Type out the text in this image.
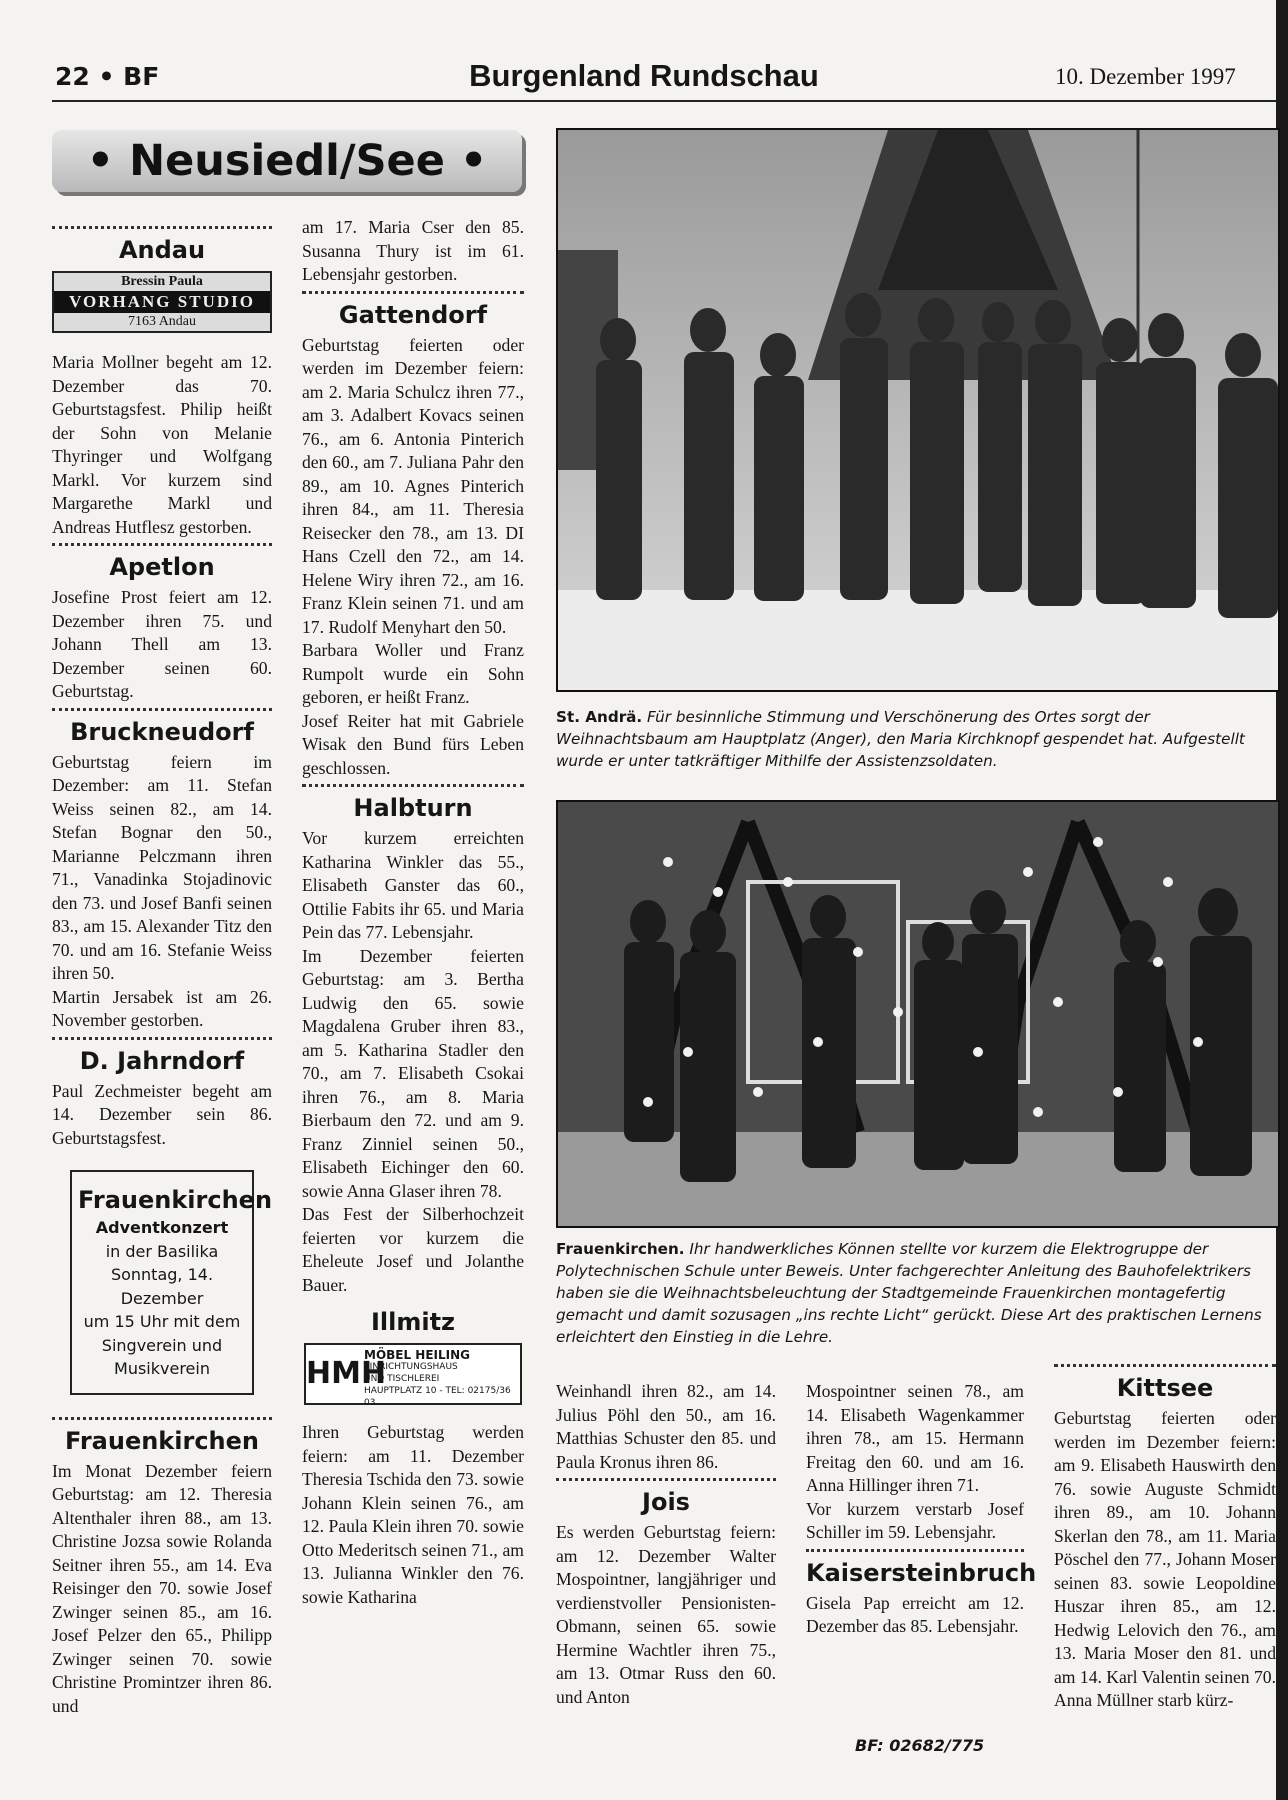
22 • BF	Burgenland Rundschau	10. Dezember 1997
• Neusiedl/See •
Andau
Bressin Paula
VORHANG STUDIO
7163 Andau

Maria Mollner begeht am 12. Dezember das 70. Geburtstagsfest. Philip heißt der Sohn von Melanie Thyringer und Wolfgang Markl. Vor kurzem sind Margarethe Markl und Andreas Hutflesz gestorben.

Apetlon

Josefine Prost feiert am 12. Dezember ihren 75. und Johann Thell am 13. Dezember seinen 60. Geburtstag.

Bruckneudorf

Geburtstag feiern im Dezember: am 11. Stefan Weiss seinen 82., am 14. Stefan Bognar den 50., Marianne Pelczmann ihren 71., Vanadinka Stojadinovic den 73. und Josef Banfi seinen 83., am 15. Alexander Titz den 70. und am 16. Stefanie Weiss ihren 50.

Martin Jersabek ist am 26. November gestorben.

D. Jahrndorf

Paul Zechmeister begeht am 14. Dezember sein 86. Geburtstagsfest.

Frauenkirchen
Adventkonzert
in der Basilika
Sonntag, 14. Dezember
um 15 Uhr mit dem
Singverein und
Musikverein
Frauenkirchen

Im Monat Dezember feiern Geburtstag: am 12. Theresia Altenthaler ihren 88., am 13. Christine Jozsa sowie Rolanda Seitner ihren 55., am 14. Eva Reisinger den 70. sowie Josef Zwinger seinen 85., am 16. Josef Pelzer den 65., Philipp Zwinger seinen 70. sowie Christine Promintzer ihren 86. und

am 17. Maria Cser den 85. Susanna Thury ist im 61. Lebensjahr gestorben.

Gattendorf

Geburtstag feierten oder werden im Dezember feiern: am 2. Maria Schulcz ihren 77., am 3. Adalbert Kovacs seinen 76., am 6. Antonia Pinterich den 60., am 7. Juliana Pahr den 89., am 10. Agnes Pinterich ihren 84., am 11. Theresia Reisecker den 78., am 13. DI Hans Czell den 72., am 14. Helene Wiry ihren 72., am 16. Franz Klein seinen 71. und am 17. Rudolf Menyhart den 50.

Barbara Woller und Franz Rumpolt wurde ein Sohn geboren, er heißt Franz.

Josef Reiter hat mit Gabriele Wisak den Bund fürs Leben geschlossen.

Halbturn

Vor kurzem erreichten Katharina Winkler das 55., Elisabeth Ganster das 60., Ottilie Fabits ihr 65. und Maria Pein das 77. Lebensjahr.

Im Dezember feierten Geburtstag: am 3. Bertha Ludwig den 65. sowie Magdalena Gruber ihren 83., am 5. Katharina Stadler den 70., am 7. Elisabeth Csokai ihren 76., am 8. Maria Bierbaum den 72. und am 9. Franz Zinniel seinen 50., Elisabeth Eichinger den 60. sowie Anna Glaser ihren 78.

Das Fest der Silberhochzeit feierten vor kurzem die Eheleute Josef und Jolanthe Bauer.

Illmitz
HMH
MÖBEL HEILING
EINRICHTUNGSHAUS
UND TISCHLEREI
HAUPTPLATZ 10 - TEL: 02175/36 03

Ihren Geburtstag werden feiern: am 11. Dezember Theresia Tschida den 73. sowie Johann Klein seinen 76., am 12. Paula Klein ihren 70. sowie Otto Mederitsch seinen 71., am 13. Julianna Winkler den 76. sowie Katharina

St. Andrä. Für besinnliche Stimmung und Verschönerung des Ortes sorgt der Weihnachtsbaum am Hauptplatz (Anger), den Maria Kirchknopf gespendet hat. Aufgestellt wurde er unter tatkräftiger Mithilfe der Assistenzsoldaten.
Frauenkirchen. Ihr handwerkliches Können stellte vor kurzem die Elektrogruppe der Polytechnischen Schule unter Beweis. Unter fachgerechter Anleitung des Bauhofelektrikers haben sie die Weihnachtsbeleuchtung der Stadtgemeinde Frauenkirchen montagefertig gemacht und damit sozusagen „ins rechte Licht“ gerückt. Diese Art des praktischen Lernens erleichtert den Einstieg in die Lehre.

Weinhandl ihren 82., am 14. Julius Pöhl den 50., am 16. Matthias Schuster den 85. und Paula Kronus ihren 86.

Jois

Es werden Geburtstag feiern: am 12. Dezember Walter Mospointner, langjähriger und verdienstvoller Pensionisten-Obmann, seinen 65. sowie Hermine Wachtler ihren 75., am 13. Otmar Russ den 60. und Anton

Mospointner seinen 78., am 14. Elisabeth Wagenkammer ihren 78., am 15. Hermann Freitag den 60. und am 16. Anna Hillinger ihren 71.

Vor kurzem verstarb Josef Schiller im 59. Lebensjahr.

Kaisersteinbruch

Gisela Pap erreicht am 12. Dezember das 85. Lebensjahr.

BF: 02682/775
Kittsee

Geburtstag feierten oder werden im Dezember feiern: am 9. Elisabeth Hauswirth den 76. sowie Auguste Schmidt ihren 89., am 10. Johann Skerlan den 78., am 11. Maria Pöschel den 77., Johann Moser seinen 83. sowie Leopoldine Huszar ihren 85., am 12. Hedwig Lelovich den 76., am 13. Maria Moser den 81. und am 14. Karl Valentin seinen 70.

Anna Müllner starb kürz-
